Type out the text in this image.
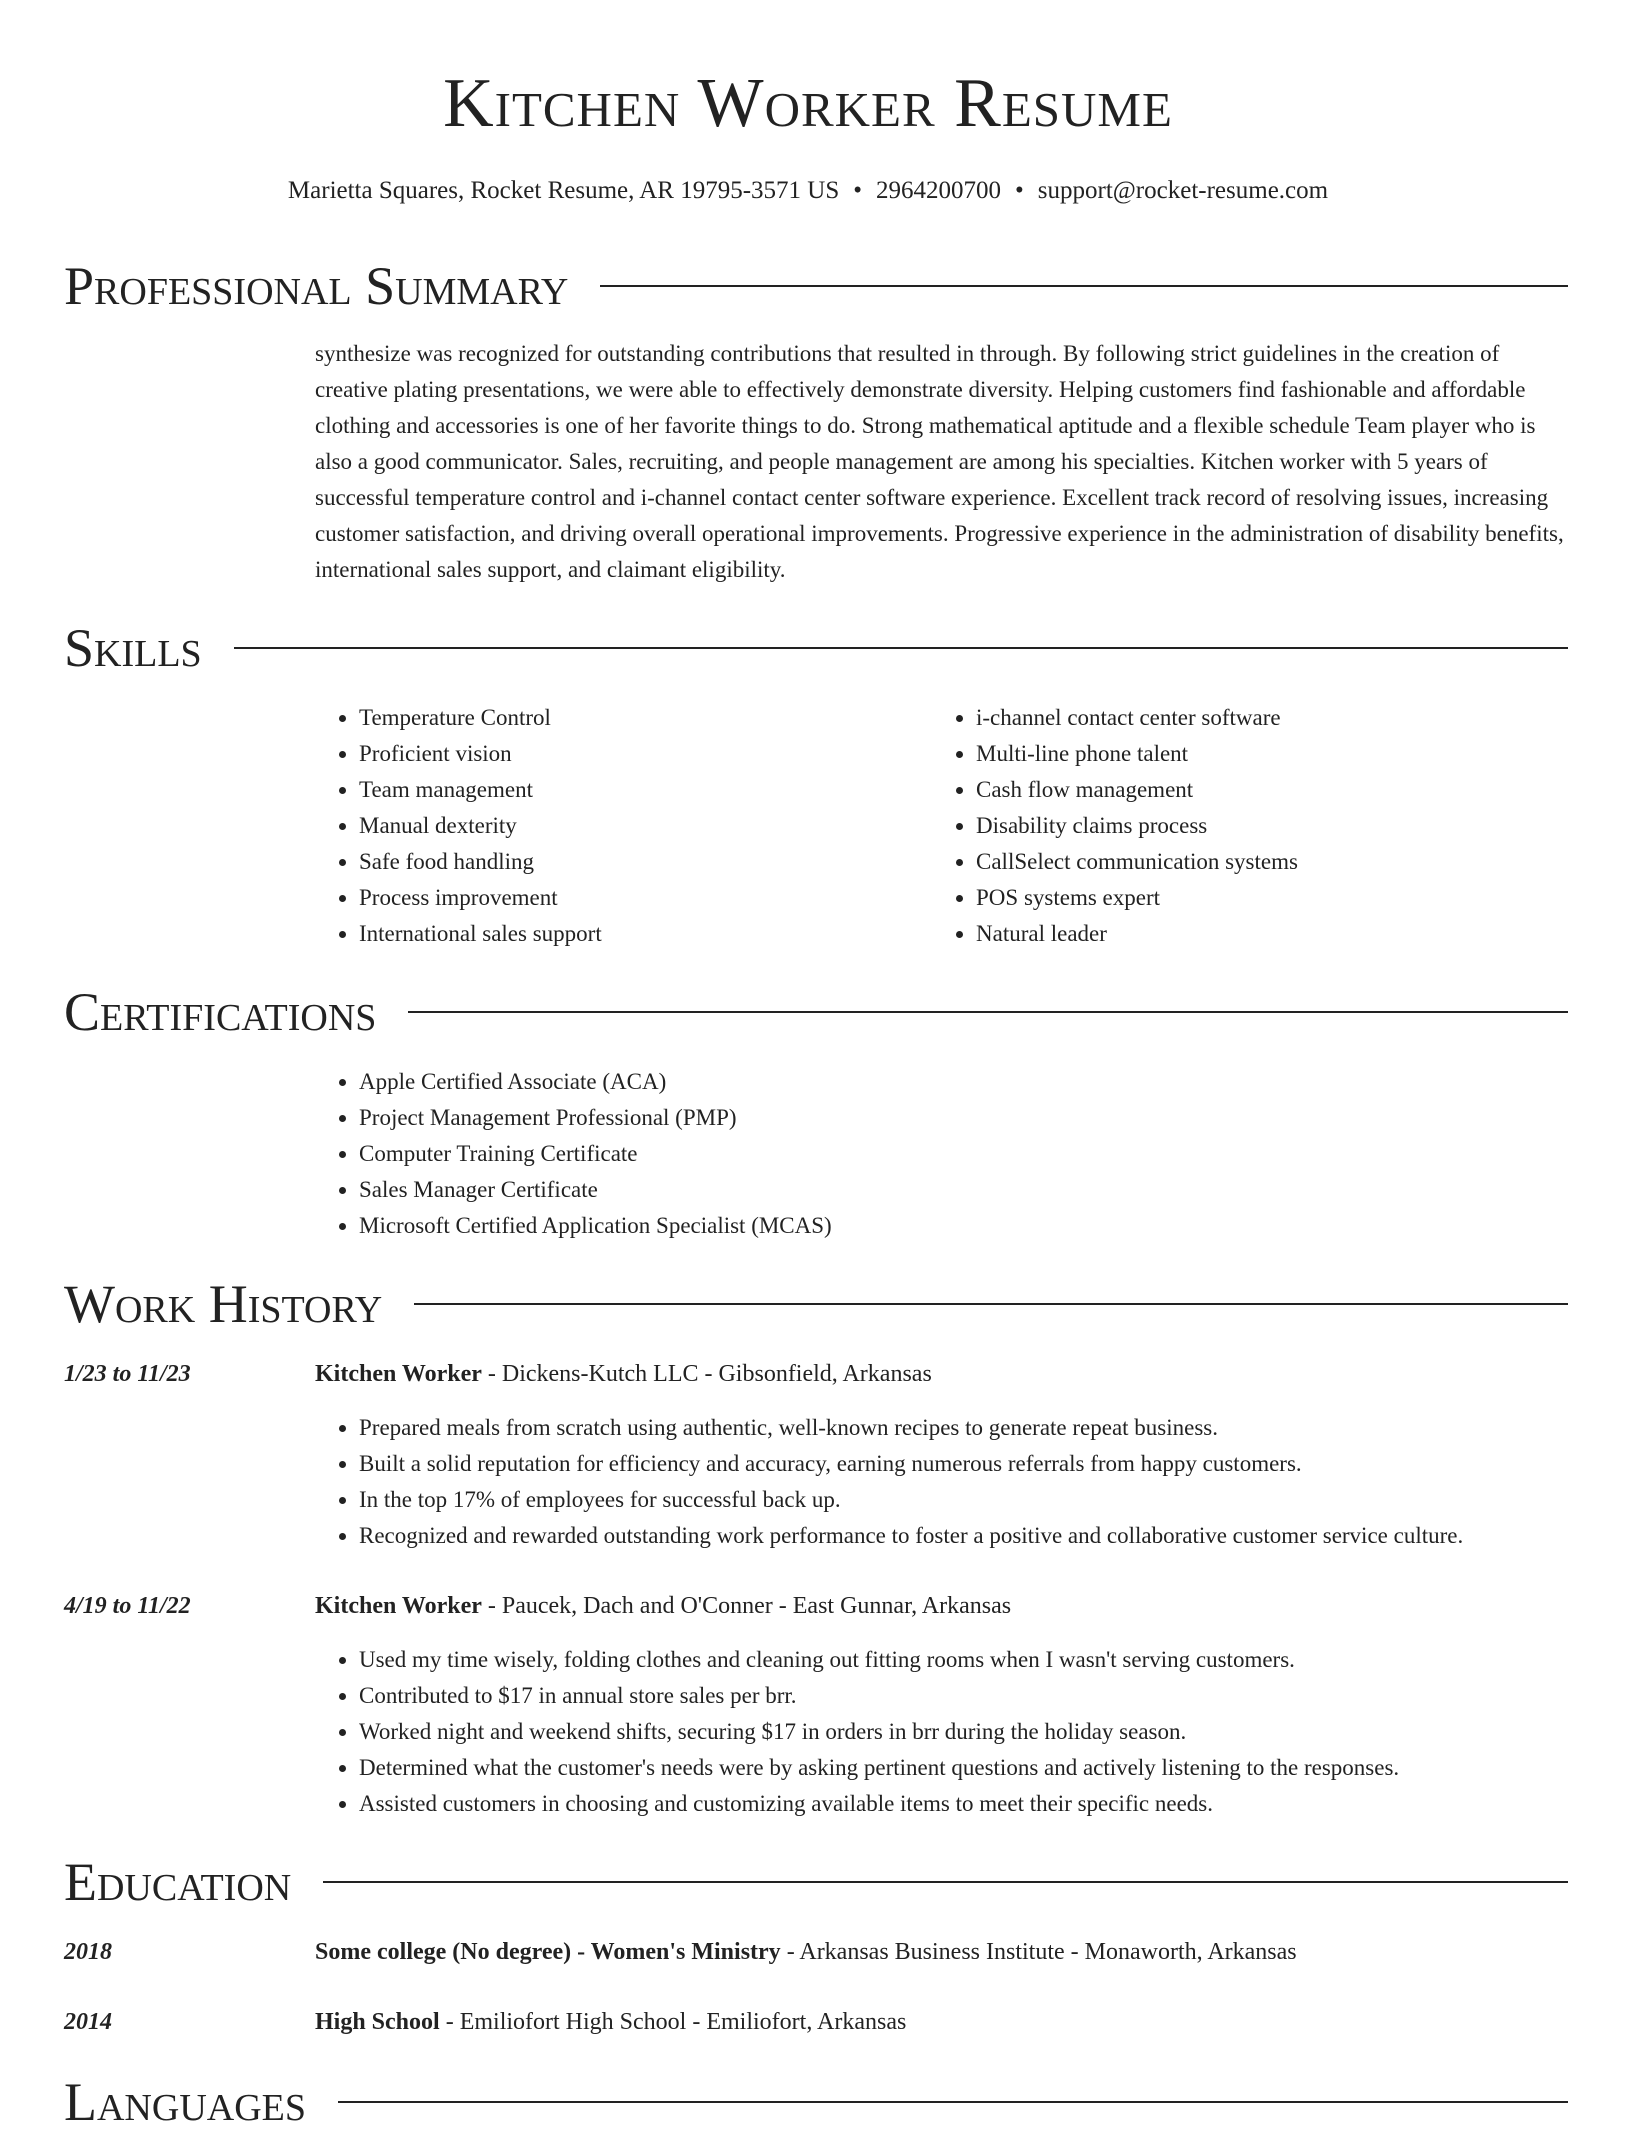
Kitchen Worker Resume
Marietta Squares, Rocket Resume, AR 19795-3571 US • 2964200700 • support@rocket-resume.com
Professional Summary

synthesize was recognized for outstanding contributions that resulted in through. By following strict guidelines in the creation of creative plating presentations, we were able to effectively demonstrate diversity. Helping customers find fashionable and affordable clothing and accessories is one of her favorite things to do. Strong mathematical aptitude and a flexible schedule Team player who is also a good communicator. Sales, recruiting, and people management are among his specialties. Kitchen worker with 5 years of successful temperature control and i-channel contact center software experience. Excellent track record of resolving issues, increasing customer satisfaction, and driving overall operational improvements. Progressive experience in the administration of disability benefits, international sales support, and claimant eligibility.

Skills
• Temperature Control
• Proficient vision
• Team management
• Manual dexterity
• Safe food handling
• Process improvement
• International sales support
• i-channel contact center software
• Multi-line phone talent
• Cash flow management
• Disability claims process
• CallSelect communication systems
• POS systems expert
• Natural leader
Certifications
• Apple Certified Associate (ACA)
• Project Management Professional (PMP)
• Computer Training Certificate
• Sales Manager Certificate
• Microsoft Certified Application Specialist (MCAS)
Work History
1/23 to 11/23	Kitchen Worker - Dickens-Kutch LLC - Gibsonfield, Arkansas
• Prepared meals from scratch using authentic, well-known recipes to generate repeat business.
• Built a solid reputation for efficiency and accuracy, earning numerous referrals from happy customers.
• In the top 17% of employees for successful back up.
• Recognized and rewarded outstanding work performance to foster a positive and collaborative customer service culture.
4/19 to 11/22	Kitchen Worker - Paucek, Dach and O'Conner - East Gunnar, Arkansas
• Used my time wisely, folding clothes and cleaning out fitting rooms when I wasn't serving customers.
• Contributed to $17 in annual store sales per brr.
• Worked night and weekend shifts, securing $17 in orders in brr during the holiday season.
• Determined what the customer's needs were by asking pertinent questions and actively listening to the responses.
• Assisted customers in choosing and customizing available items to meet their specific needs.
Education
2018	Some college (No degree) - Women's Ministry - Arkansas Business Institute - Monaworth, Arkansas
2014	High School - Emiliofort High School - Emiliofort, Arkansas
Languages
